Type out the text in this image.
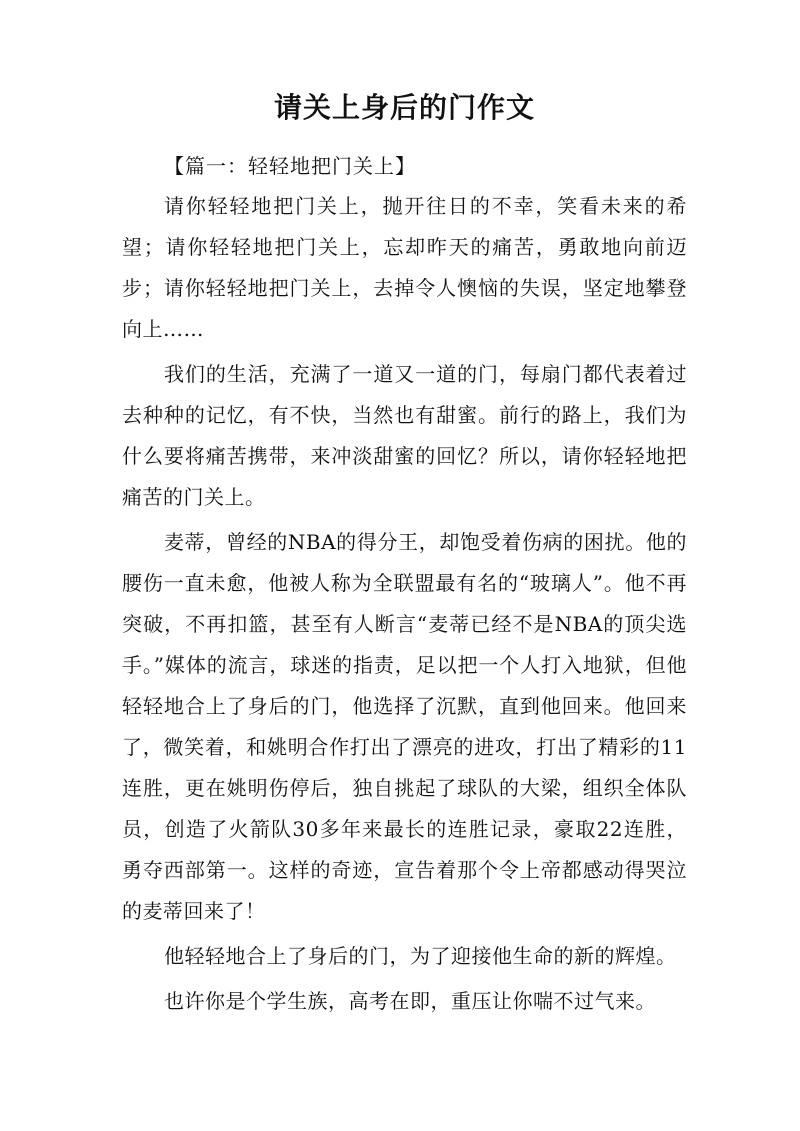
请关上身后的门作文

【篇一：轻轻地把门关上】

请你轻轻地把门关上，抛开往日的不幸，笑看未来的希望；请你轻轻地把门关上，忘却昨天的痛苦，勇敢地向前迈步；请你轻轻地把门关上，去掉令人懊恼的失误，坚定地攀登向上……

我们的生活，充满了一道又一道的门，每扇门都代表着过去种种的记忆，有不快，当然也有甜蜜。前行的路上，我们为什么要将痛苦携带，来冲淡甜蜜的回忆？所以，请你轻轻地把痛苦的门关上。

麦蒂，曾经的NBA的得分王，却饱受着伤病的困扰。他的腰伤一直未愈，他被人称为全联盟最有名的“玻璃人”。他不再突破，不再扣篮，甚至有人断言“麦蒂已经不是NBA的顶尖选手。”媒体的流言，球迷的指责，足以把一个人打入地狱，但他轻轻地合上了身后的门，他选择了沉默，直到他回来。他回来了，微笑着，和姚明合作打出了漂亮的进攻，打出了精彩的11连胜，更在姚明伤停后，独自挑起了球队的大梁，组织全体队员，创造了火箭队30多年来最长的连胜记录，豪取22连胜，勇夺西部第一。这样的奇迹，宣告着那个令上帝都感动得哭泣的麦蒂回来了！

他轻轻地合上了身后的门，为了迎接他生命的新的辉煌。

也许你是个学生族，高考在即，重压让你喘不过气来。
